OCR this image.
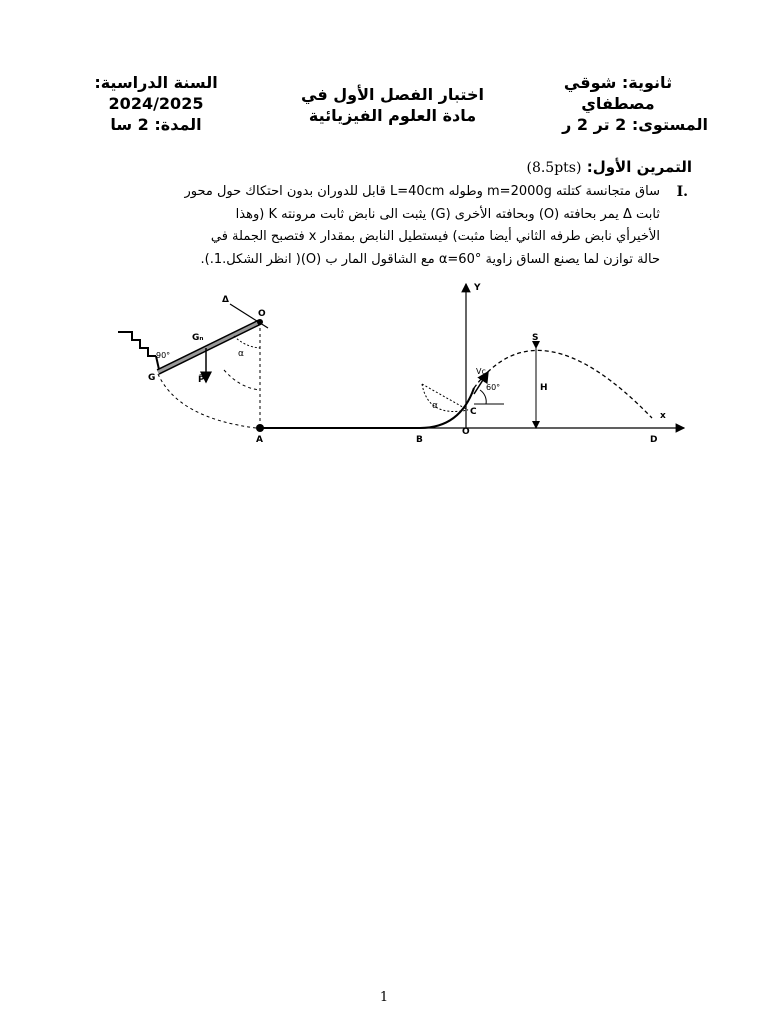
ثانوية: شوقي
مصطفاي
المستوى: 2 تر 2 ر
اختبار الفصل الأول في
مادة العلوم الفيزيائية
السنة الدراسية:
2024/2025
المدة: 2 سا
التمرين الأول: (8.5pts)
I.
ساق متجانسة كتلته m=2000g وطوله L=40cm قابل للدوران بدون احتكاك حول محور
ثابت Δ يمر بحافته (O) وبحافته الأخرى (G) يثبت الى نابض ثابت مرونته K (وهذا
الأخيرأي نابض طرفه الثاني أيضا مثبت) فيستطيل النابض بمقدار x فتصبح الجملة في
حالة توازن لما يصنع الساق زاوية α=60° مع الشاقول المار ب (O)( انظر الشكل.1.).
Δ
O
Gₙ
90°
G
α
P⃗
A	B
O
α
C
Vc
60°
Y
S
H
x
D
1
